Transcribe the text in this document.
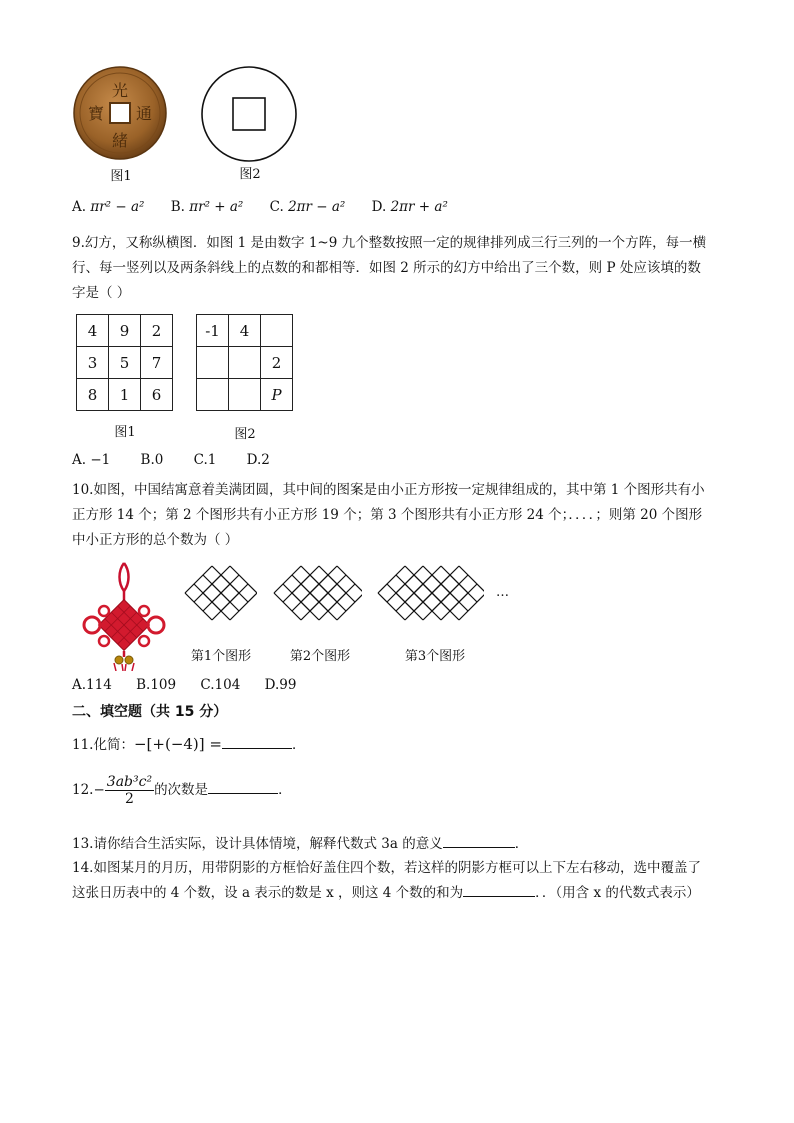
光
通
緒
寶
图1	图2
A. πr² − a² B. πr² + a² C. 2πr − a² D. 2πr + a²
9.幻方，又称纵横图．如图 1 是由数字 1~9 九个整数按照一定的规律排列成三行三列的一个方阵，每一横
行、每一竖列以及两条斜线上的点数的和都相等．如图 2 所示的幻方中给出了三个数，则 P 处应该填的数
字是（ ）
4	9	2
3	5	7
8	1	6
图1
-1	4	
		2
		P
图2
A. −1 B.0 C.1 D.2
10.如图，中国结寓意着美满团圆，其中间的图案是由小正方形按一定规律组成的，其中第 1 个图形共有小
正方形 14 个；第 2 个图形共有小正方形 19 个；第 3 个图形共有小正方形 24 个；．．．．；则第 20 个图形
中小正方形的总个数为（ ）
…
第1个图形	第2个图形	第3个图形
A.114 B.109 C.104 D.99
二、填空题（共 15 分）
11.化简：−[+(−4)] =	．
$12.- \frac{\text{3ab³c²}}{2}$ 的次数是	．
13.请你结合生活实际，设计具体情境，解释代数式 3a 的意义	．
14.如图某月的月历，用带阴影的方框恰好盖住四个数，若这样的阴影方框可以上下左右移动，选中覆盖了
这张日历表中的 4 个数，设 a 表示的数是 x ，则这 4 个数的和为	．．（用含 x 的代数式表示）
